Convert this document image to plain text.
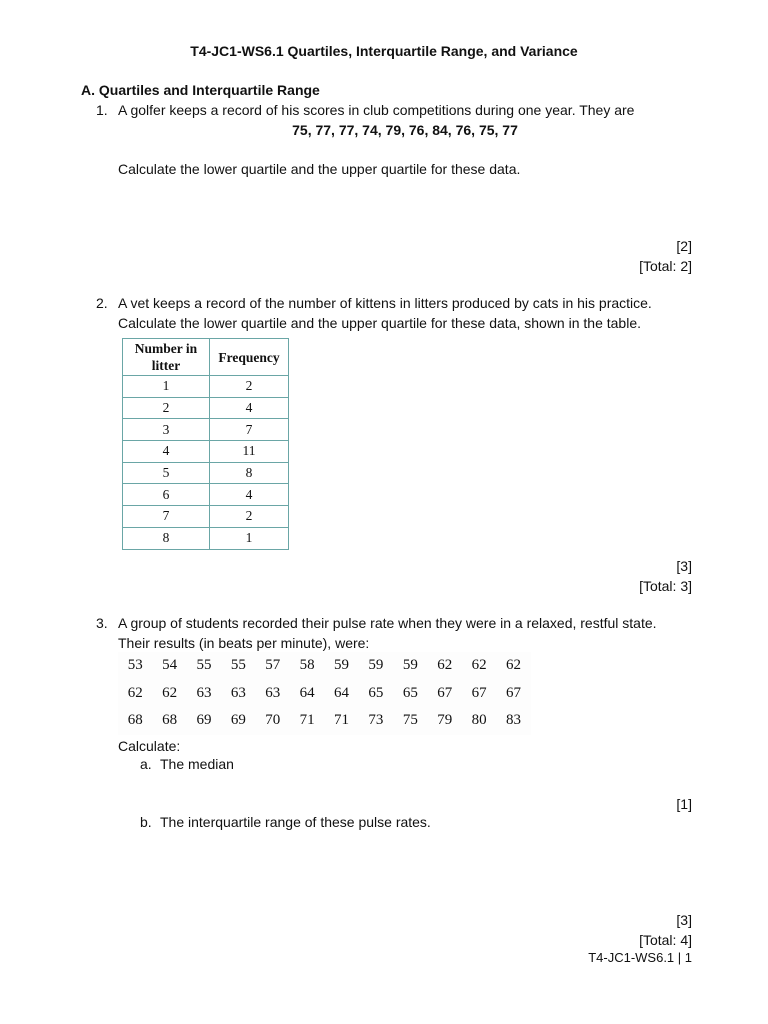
T4-JC1-WS6.1 Quartiles, Interquartile Range, and Variance
A. Quartiles and Interquartile Range
1. A golfer keeps a record of his scores in club competitions during one year. They are
75, 77, 77, 74, 79, 76, 84, 76, 75, 77
Calculate the lower quartile and the upper quartile for these data.
[2]
[Total: 2]
2. A vet keeps a record of the number of kittens in litters produced by cats in his practice.
Calculate the lower quartile and the upper quartile for these data, shown in the table.
Number in litter	Frequency
1	2
2	4
3	7
4	11
5	8
6	4
7	2
8	1
[3]
[Total: 3]
3. A group of students recorded their pulse rate when they were in a relaxed, restful state.
Their results (in beats per minute), were:
53	54	55	55	57	58	59	59	59	62	62	62
62	62	63	63	63	64	64	65	65	67	67	67
68	68	69	69	70	71	71	73	75	79	80	83
Calculate:
a. The median
[1]
b. The interquartile range of these pulse rates.
[3]
[Total: 4]
T4-JC1-WS6.1 | 1
